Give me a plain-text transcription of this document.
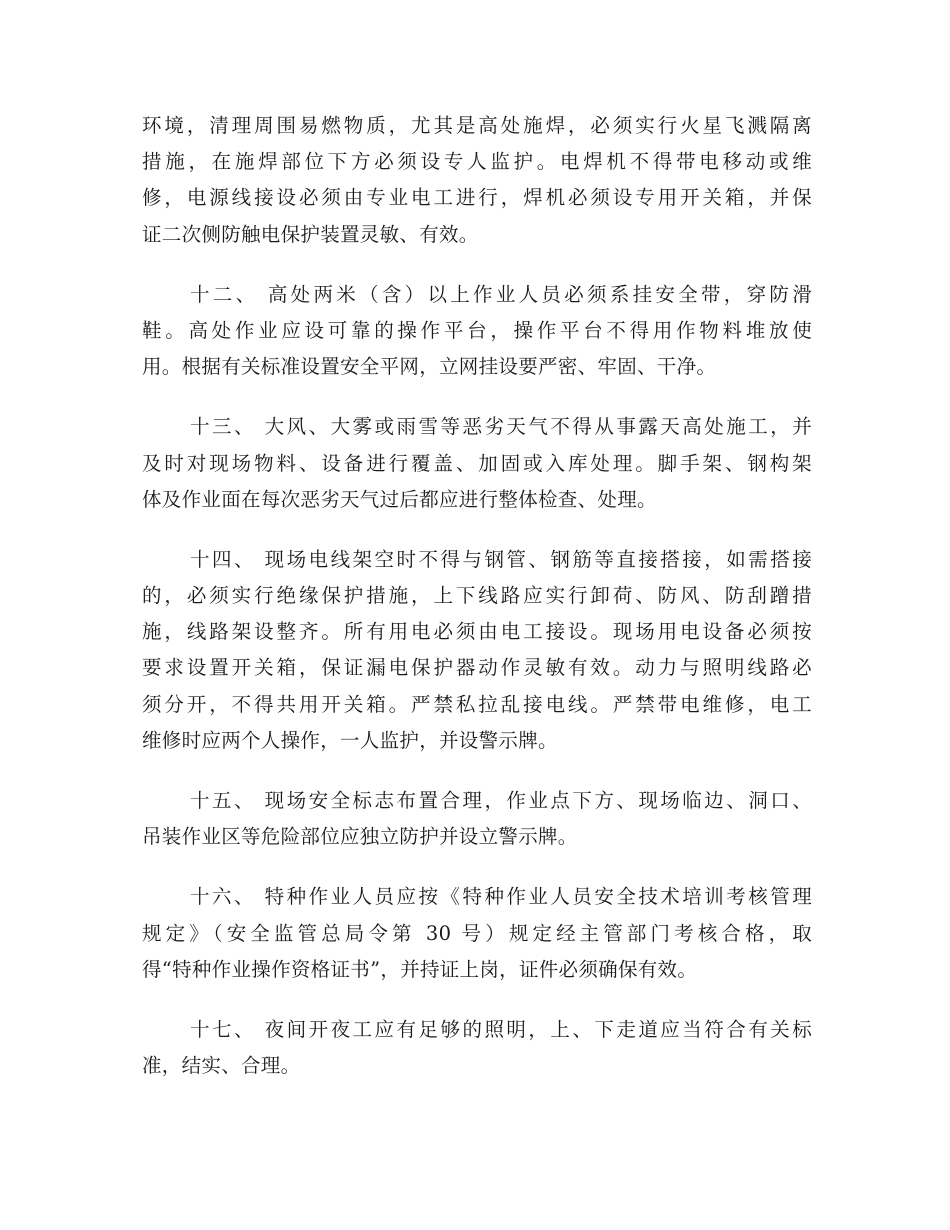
环境，清理周围易燃物质，尤其是高处施焊，必须实行火星飞溅隔离
措施，在施焊部位下方必须设专人监护。电焊机不得带电移动或维
修，电源线接设必须由专业电工进行，焊机必须设专用开关箱，并保
证二次侧防触电保护装置灵敏、有效。
十二、 高处两米（含）以上作业人员必须系挂安全带，穿防滑
鞋。高处作业应设可靠的操作平台，操作平台不得用作物料堆放使
用。根据有关标准设置安全平网，立网挂设要严密、牢固、干净。
十三、 大风、大雾或雨雪等恶劣天气不得从事露天高处施工，并
及时对现场物料、设备进行覆盖、加固或入库处理。脚手架、钢构架
体及作业面在每次恶劣天气过后都应进行整体检查、处理。
十四、 现场电线架空时不得与钢管、钢筋等直接搭接，如需搭接
的，必须实行绝缘保护措施，上下线路应实行卸荷、防风、防刮蹭措
施，线路架设整齐。所有用电必须由电工接设。现场用电设备必须按
要求设置开关箱，保证漏电保护器动作灵敏有效。动力与照明线路必
须分开，不得共用开关箱。严禁私拉乱接电线。严禁带电维修，电工
维修时应两个人操作，一人监护，并设警示牌。
十五、 现场安全标志布置合理，作业点下方、现场临边、洞口、
吊装作业区等危险部位应独立防护并设立警示牌。
十六、 特种作业人员应按《特种作业人员安全技术培训考核管理
规定》（安全监管总局令第 30 号）规定经主管部门考核合格，取
得“特种作业操作资格证书”，并持证上岗，证件必须确保有效。
十七、 夜间开夜工应有足够的照明，上、下走道应当符合有关标
准，结实、合理。
